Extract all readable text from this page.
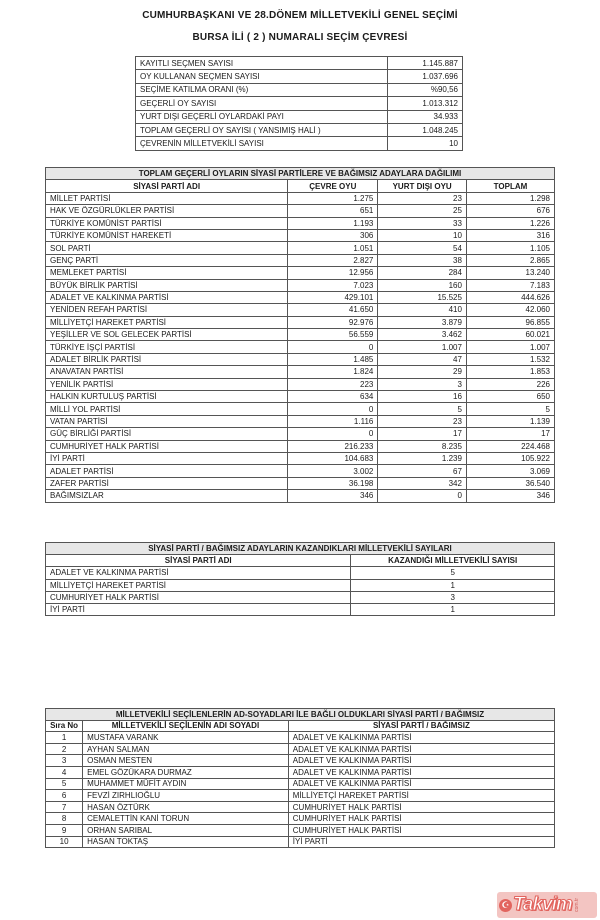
CUMHURBAŞKANI VE 28.DÖNEM MİLLETVEKİLİ GENEL SEÇİMİ
BURSA İLİ ( 2 ) NUMARALI SEÇİM ÇEVRESİ
KAYITLI SEÇMEN SAYISI	1.145.887
OY KULLANAN SEÇMEN SAYISI	1.037.696
SEÇİME KATILMA ORANI (%)	%90,56
GEÇERLİ OY SAYISI	1.013.312
YURT DIŞI GEÇERLİ OYLARDAKİ PAYI	34.933
TOPLAM GEÇERLİ OY SAYISI ( YANSIMIŞ HALİ )	1.048.245
ÇEVRENİN MİLLETVEKİLİ SAYISI	10
TOPLAM GEÇERLİ OYLARIN SİYASİ PARTİLERE VE BAĞIMSIZ ADAYLARA DAĞILIMI			
SİYASİ PARTİ ADI	ÇEVRE OYU	YURT DIŞI OYU	TOPLAM
MİLLET PARTİSİ	1.275	23	1.298
HAK VE ÖZGÜRLÜKLER PARTİSİ	651	25	676
TÜRKİYE KOMÜNİST PARTİSİ	1.193	33	1.226
TÜRKİYE KOMÜNİST HAREKETİ	306	10	316
SOL PARTİ	1.051	54	1.105
GENÇ PARTİ	2.827	38	2.865
MEMLEKET PARTİSİ	12.956	284	13.240
BÜYÜK BİRLİK PARTİSİ	7.023	160	7.183
ADALET VE KALKINMA PARTİSİ	429.101	15.525	444.626
YENİDEN REFAH PARTİSİ	41.650	410	42.060
MİLLİYETÇİ HAREKET PARTİSİ	92.976	3.879	96.855
YEŞİLLER VE SOL GELECEK PARTİSİ	56.559	3.462	60.021
TÜRKİYE İŞÇİ PARTİSİ	0	1.007	1.007
ADALET BİRLİK PARTİSİ	1.485	47	1.532
ANAVATAN PARTİSİ	1.824	29	1.853
YENİLİK PARTİSİ	223	3	226
HALKIN KURTULUŞ PARTİSİ	634	16	650
MİLLİ YOL PARTİSİ	0	5	5
VATAN PARTİSİ	1.116	23	1.139
GÜÇ BİRLİĞİ PARTİSİ	0	17	17
CUMHURİYET HALK PARTİSİ	216.233	8.235	224.468
İYİ PARTİ	104.683	1.239	105.922
ADALET PARTİSİ	3.002	67	3.069
ZAFER PARTİSİ	36.198	342	36.540
BAĞIMSIZLAR	346	0	346
SİYASİ PARTİ / BAĞIMSIZ ADAYLARIN KAZANDIKLARI MİLLETVEKİLİ SAYILARI	
SİYASİ PARTİ ADI	KAZANDIĞI MİLLETVEKİLİ SAYISI
ADALET VE KALKINMA PARTİSİ	5
MİLLİYETÇİ HAREKET PARTİSİ	1
CUMHURİYET HALK PARTİSİ	3
İYİ PARTİ	1
MİLLETVEKİLİ SEÇİLENLERİN AD-SOYADLARI İLE BAĞLI OLDUKLARI SİYASİ PARTİ / BAĞIMSIZ		
Sıra No	MİLLETVEKİLİ SEÇİLENİN ADI SOYADI	SİYASİ PARTİ / BAĞIMSIZ
1	MUSTAFA VARANK	ADALET VE KALKINMA PARTİSİ
2	AYHAN SALMAN	ADALET VE KALKINMA PARTİSİ
3	OSMAN MESTEN	ADALET VE KALKINMA PARTİSİ
4	EMEL GÖZÜKARA DURMAZ	ADALET VE KALKINMA PARTİSİ
5	MUHAMMET MÜFİT AYDIN	ADALET VE KALKINMA PARTİSİ
6	FEVZİ ZIRHLIOĞLU	MİLLİYETÇİ HAREKET PARTİSİ
7	HASAN ÖZTÜRK	CUMHURİYET HALK PARTİSİ
8	CEMALETTİN KANİ TORUN	CUMHURİYET HALK PARTİSİ
9	ORHAN SARIBAL	CUMHURİYET HALK PARTİSİ
10	HASAN TOKTAŞ	İYİ PARTİ
☪ Takvim com.tr
